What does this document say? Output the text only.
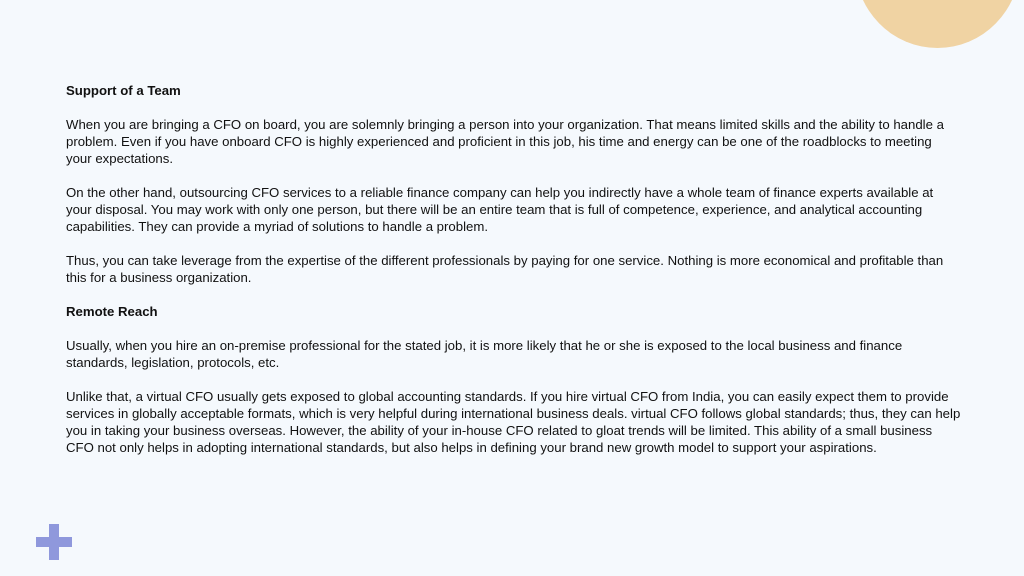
Support of a Team

When you are bringing a CFO on board, you are solemnly bringing a person into your organization. That means limited skills and the ability to handle a problem. Even if you have onboard CFO is highly experienced and proficient in this job, his time and energy can be one of the roadblocks to meeting your expectations.

On the other hand, outsourcing CFO services to a reliable finance company can help you indirectly have a whole team of finance experts available at your disposal. You may work with only one person, but there will be an entire team that is full of competence, experience, and analytical accounting capabilities. They can provide a myriad of solutions to handle a problem.

Thus, you can take leverage from the expertise of the different professionals by paying for one service. Nothing is more economical and profitable than this for a business organization.

Remote Reach

Usually, when you hire an on-premise professional for the stated job, it is more likely that he or she is exposed to the local business and finance standards, legislation, protocols, etc.

Unlike that, a virtual CFO usually gets exposed to global accounting standards. If you hire virtual CFO from India, you can easily expect them to provide services in globally acceptable formats, which is very helpful during international business deals. virtual CFO follows global standards; thus, they can help you in taking your business overseas. However, the ability of your in-house CFO related to gloat trends will be limited. This ability of a small business CFO not only helps in adopting international standards, but also helps in defining your brand new growth model to support your aspirations.
